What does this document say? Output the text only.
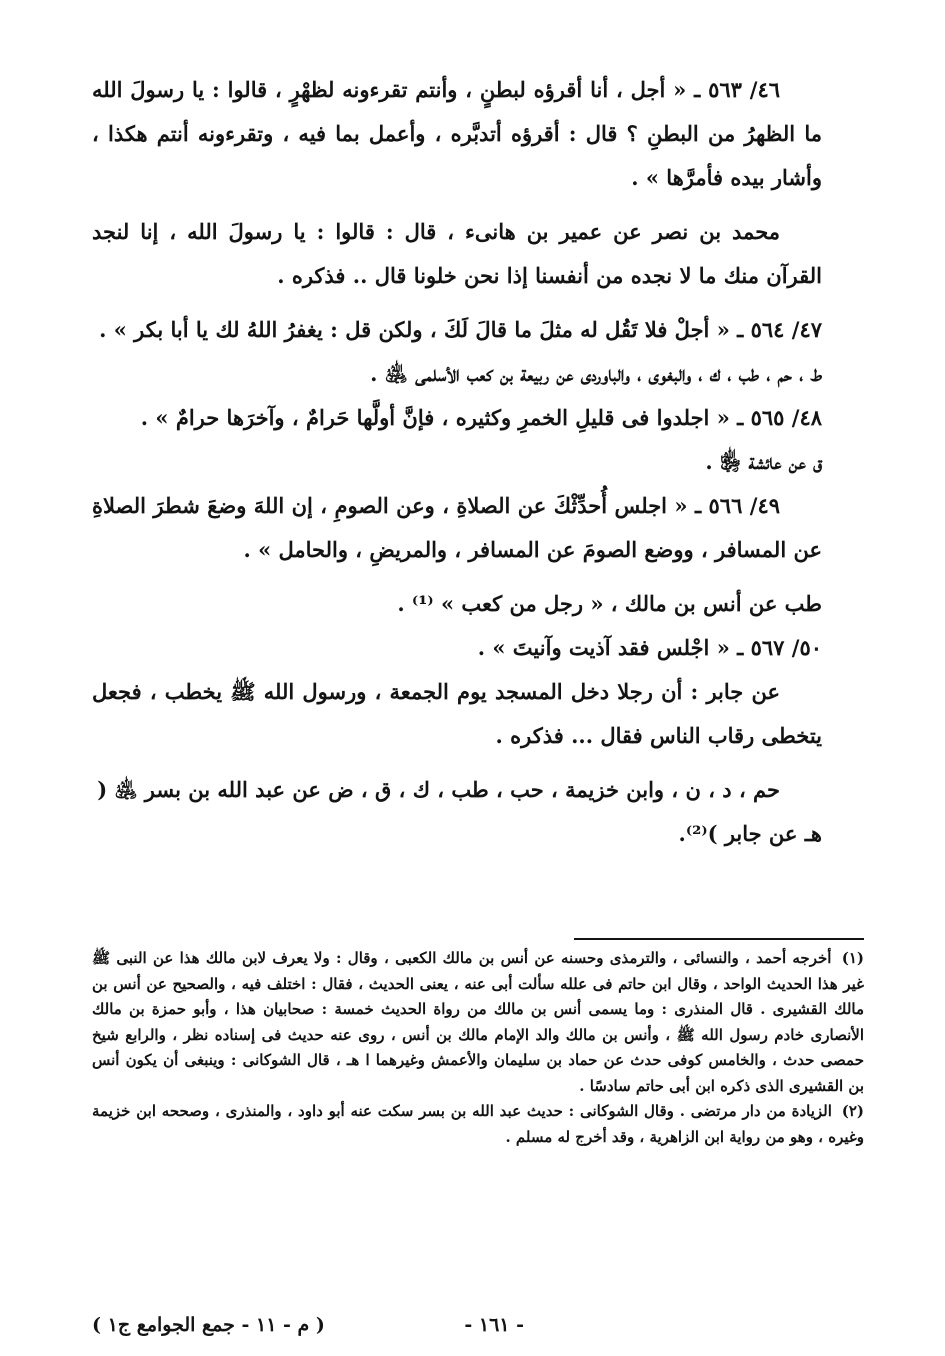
٤٦/ ٥٦٣ ـ « أجل ، أنا أقرؤه لبطنٍ ، وأنتم تقرءونه لظهْرٍ ، قالوا : يا رسولَ الله ما الظهرُ من البطنِ ؟ قال : أقرؤه أتدبَّره ، وأعمل بما فيه ، وتقرءونه أنتم هكذا ، وأشار بيده فأمرَّها » .

محمد بن نصر عن عمير بن هانىء ، قال : قالوا : يا رسولَ الله ، إنا لنجد القرآن منك ما لا نجده من أنفسنا إذا نحن خلونا قال .. فذكره .

٤٧/ ٥٦٤ ـ « أجلْ فلا تَقُل له مثلَ ما قالَ لَكَ ، ولكن قل : يغفرُ اللهُ لك يا أبا بكر » .

ط ، حم ، طب ، ك ، والبغوى ، والباوردى عن ربيعة بن كعب الأسلمى ﵁ .

٤٨/ ٥٦٥ ـ « اجلدوا فى قليلِ الخمرِ وكثيره ، فإنَّ أولَّها حَرامٌ ، وآخرَها حرامٌ » .

ق عن عائشة ﵂ .

٤٩/ ٥٦٦ ـ « اجلس أُحدِّثْكَ عن الصلاةِ ، وعن الصومِ ، إن اللهَ وضعَ شطرَ الصلاةِ عن المسافر ، ووضع الصومَ عن المسافر ، والمريضِ ، والحامل » .

طب عن أنس بن مالك ، « رجل من كعب » ⁽¹⁾ .

٥٠/ ٥٦٧ ـ « اجْلس فقد آذيت وآنيتَ » .

عن جابر : أن رجلا دخل المسجد يوم الجمعة ، ورسول الله ﷺ يخطب ، فجعل يتخطى رقاب الناس فقال ... فذكره .

حم ، د ، ن ، وابن خزيمة ، حب ، طب ، ك ، ق ، ض عن عبد الله بن بسر ﵁ ( هـ عن جابر )⁽²⁾.

(١) أخرجه أحمد ، والنسائى ، والترمذى وحسنه عن أنس بن مالك الكعبى ، وقال : ولا يعرف لابن مالك هذا عن النبى ﷺ غير هذا الحديث الواحد ، وقال ابن حاتم فى علله سألت أبى عنه ، يعنى الحديث ، فقال : اختلف فيه ، والصحيح عن أنس بن مالك القشيرى . قال المنذرى : وما يسمى أنس بن مالك من رواة الحديث خمسة : صحابيان هذا ، وأبو حمزة بن مالك الأنصارى خادم رسول الله ﷺ ، وأنس بن مالك والد الإمام مالك بن أنس ، روى عنه حديث فى إسناده نظر ، والرابع شيخ حمصى حدث ، والخامس كوفى حدث عن حماد بن سليمان والأعمش وغيرهما ا هـ ، قال الشوكانى : وينبغى أن يكون أنس بن القشيرى الذى ذكره ابن أبى حاتم سادسًا .

(٢) الزيادة من دار مرتضى . وقال الشوكانى : حديث عبد الله بن بسر سكت عنه أبو داود ، والمنذرى ، وصححه ابن خزيمة وغيره ، وهو من رواية ابن الزاهرية ، وقد أخرج له مسلم .

- ١٦١ -
( م - ١١ - جمع الجوامع ج١ )
